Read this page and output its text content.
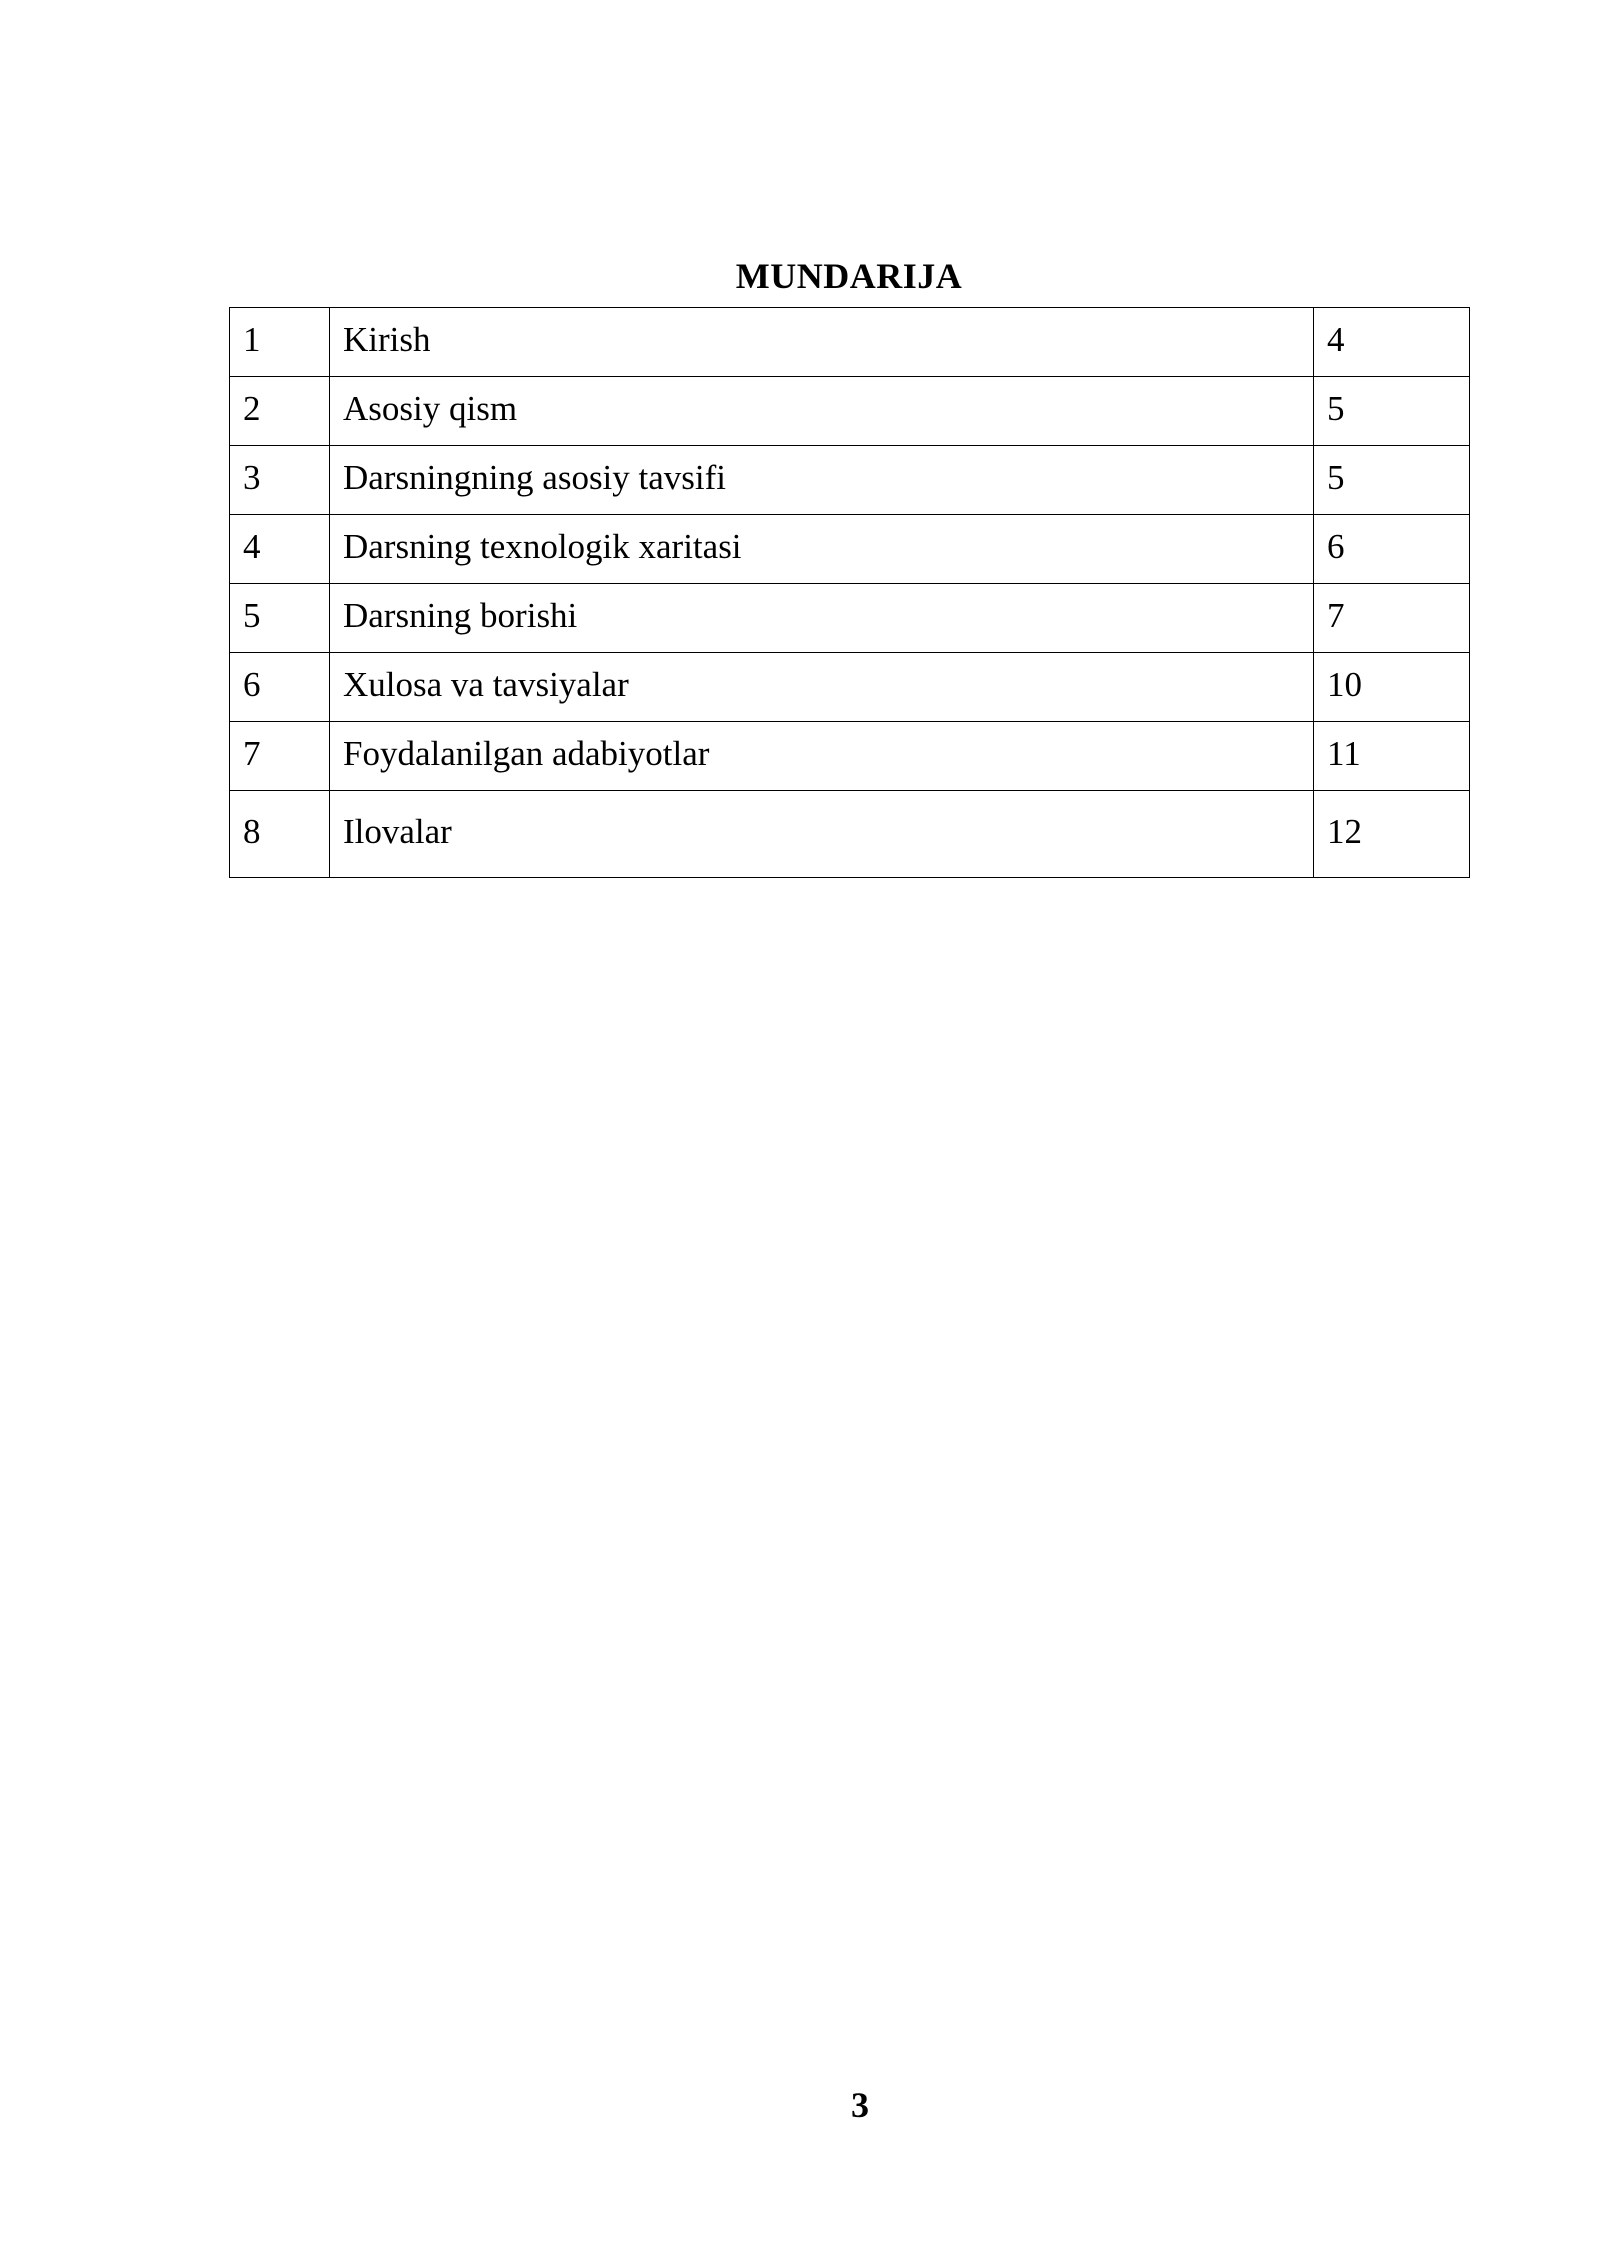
MUNDARIJA
1	Kirish	4
2	Asosiy qism	5
3	Darsningning asosiy tavsifi	5
4	Darsning texnologik xaritasi	6
5	Darsning borishi	7
6	Xulosa va tavsiyalar	10
7	Foydalanilgan adabiyotlar	11
8	Ilovalar	12
3
